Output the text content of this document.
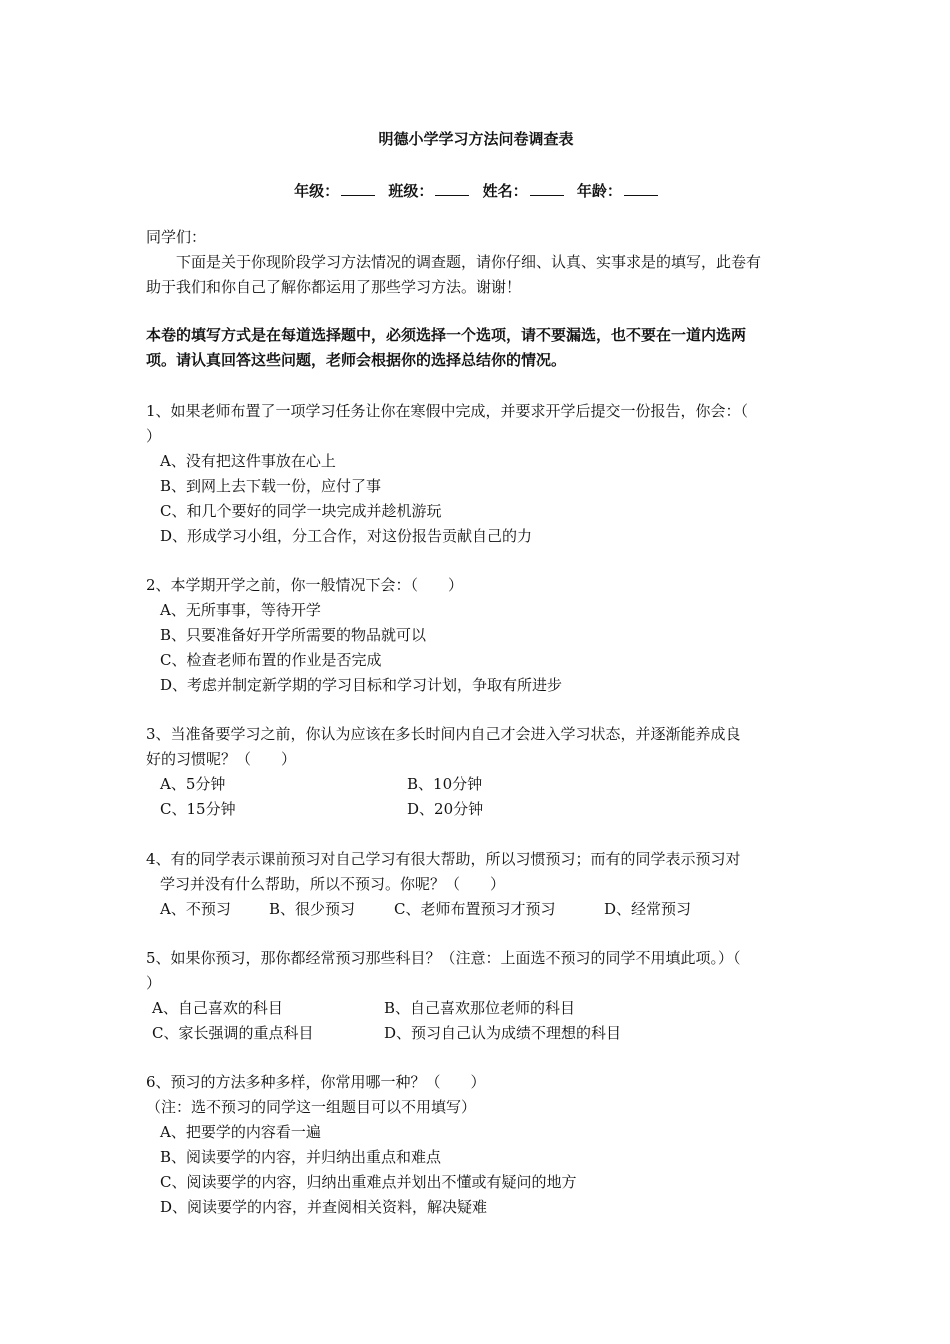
明德小学学习方法问卷调查表
年级：	班级：	姓名：	年龄：
同学们：
下面是关于你现阶段学习方法情况的调查题，请你仔细、认真、实事求是的填写，此卷有
助于我们和你自己了解你都运用了那些学习方法。谢谢！
本卷的填写方式是在每道选择题中，必须选择一个选项，请不要漏选，也不要在一道内选两
项。请认真回答这些问题，老师会根据你的选择总结你的情况。
1、如果老师布置了一项学习任务让你在寒假中完成，并要求开学后提交一份报告，你会：（
）
A、没有把这件事放在心上
B、到网上去下载一份，应付了事
C、和几个要好的同学一块完成并趁机游玩
D、形成学习小组，分工合作，对这份报告贡献自己的力
2、本学期开学之前，你一般情况下会：（　　）
A、无所事事，等待开学
B、只要准备好开学所需要的物品就可以
C、检查老师布置的作业是否完成
D、考虑并制定新学期的学习目标和学习计划，争取有所进步
3、当准备要学习之前，你认为应该在多长时间内自己才会进入学习状态，并逐渐能养成良
好的习惯呢？（　　）
A、5分钟	B、10分钟
C、15分钟	D、20分钟
4、有的同学表示课前预习对自己学习有很大帮助，所以习惯预习；而有的同学表示预习对
学习并没有什么帮助，所以不预习。你呢？（　　）
A、不预习	B、很少预习	C、老师布置预习才预习	D、经常预习
5、如果你预习，那你都经常预习那些科目？（注意：上面选不预习的同学不用填此项。）（
）
A、自己喜欢的科目	B、自己喜欢那位老师的科目
C、家长强调的重点科目	D、预习自己认为成绩不理想的科目
6、预习的方法多种多样，你常用哪一种？（　　）
（注：选不预习的同学这一组题目可以不用填写）
A、把要学的内容看一遍
B、阅读要学的内容，并归纳出重点和难点
C、阅读要学的内容，归纳出重难点并划出不懂或有疑问的地方
D、阅读要学的内容，并查阅相关资料，解决疑难
